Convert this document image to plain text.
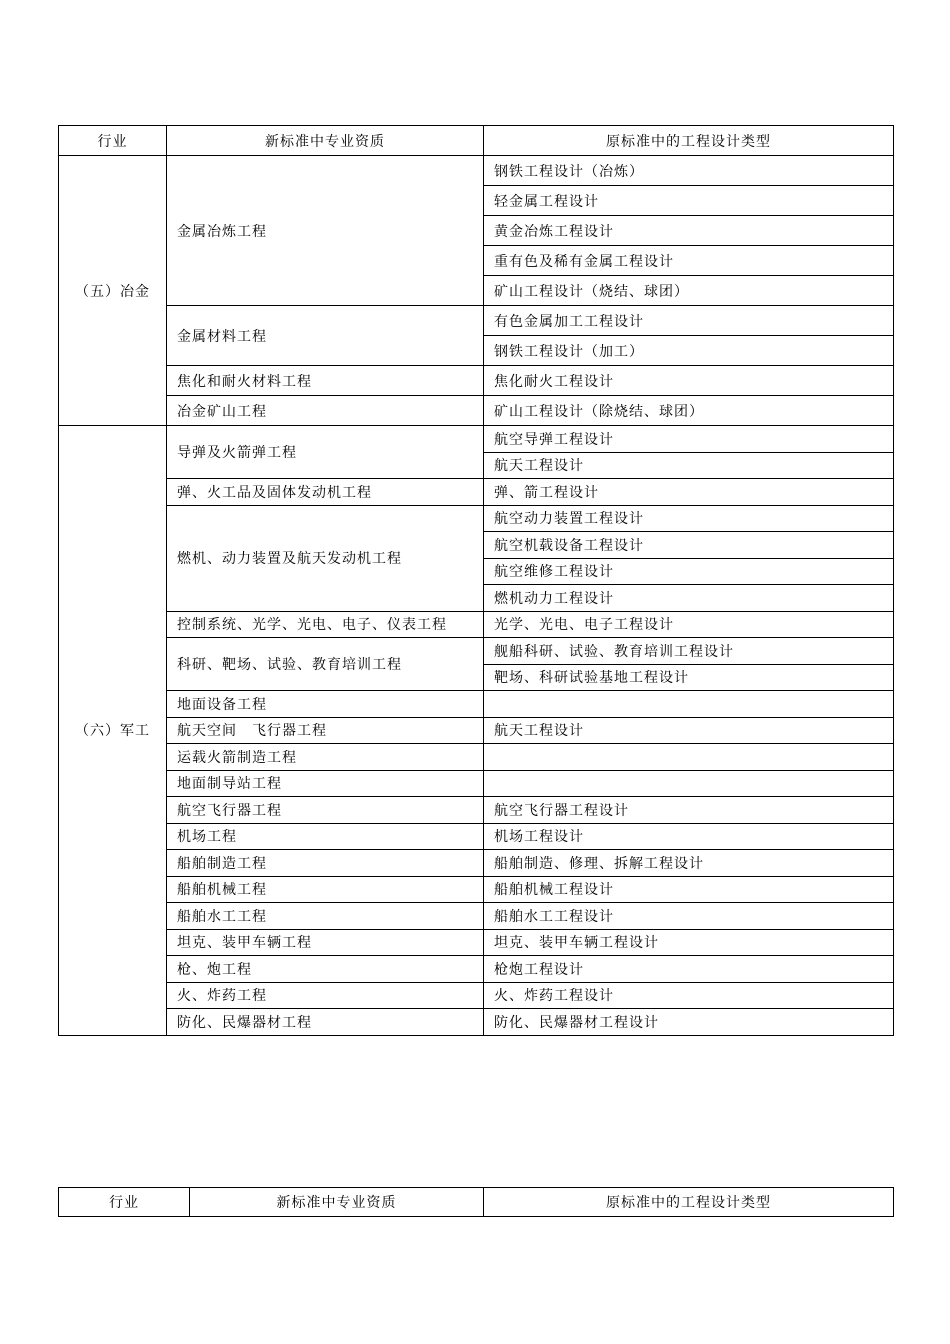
行业	新标准中专业资质	原标准中的工程设计类型
（五）冶金	金属冶炼工程	钢铁工程设计（冶炼）
		轻金属工程设计
		黄金冶炼工程设计
		重有色及稀有金属工程设计
		矿山工程设计（烧结、球团）
	金属材料工程	有色金属加工工程设计
		钢铁工程设计（加工）
	焦化和耐火材料工程	焦化耐火工程设计
	冶金矿山工程	矿山工程设计（除烧结、球团）
（六）军工	导弹及火箭弹工程	航空导弹工程设计
		航天工程设计
	弹、火工品及固体发动机工程	弹、箭工程设计
	燃机、动力装置及航天发动机工程	航空动力装置工程设计
		航空机载设备工程设计
		航空维修工程设计
		燃机动力工程设计
	控制系统、光学、光电、电子、仪表工程	光学、光电、电子工程设计
	科研、靶场、试验、教育培训工程	舰船科研、试验、教育培训工程设计
		靶场、科研试验基地工程设计
	地面设备工程	
	航天空间　飞行器工程	航天工程设计
	运载火箭制造工程	
	地面制导站工程	
	航空飞行器工程	航空飞行器工程设计
	机场工程	机场工程设计
	船舶制造工程	船舶制造、修理、拆解工程设计
	船舶机械工程	船舶机械工程设计
	船舶水工工程	船舶水工工程设计
	坦克、装甲车辆工程	坦克、装甲车辆工程设计
	枪、炮工程	枪炮工程设计
	火、炸药工程	火、炸药工程设计
	防化、民爆器材工程	防化、民爆器材工程设计
行业	新标准中专业资质	原标准中的工程设计类型
